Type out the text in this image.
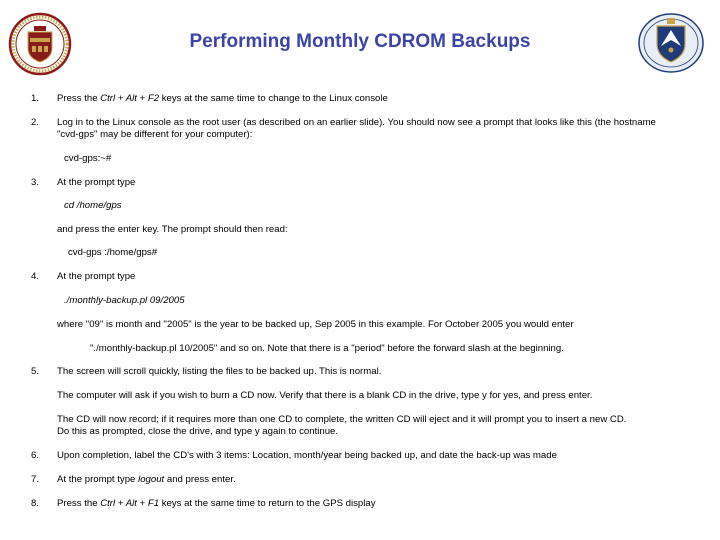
Performing Monthly CDROM Backups
1. Press the Ctrl + Alt + F2 keys at the same time to change to the Linux console
2. Log in to the Linux console as the root user (as described on an earlier slide). You should now see a prompt that looks like this (the hostname
"cvd-gps" may be different for your computer):
cvd-gps:~#
3. At the prompt type
cd /home/gps
and press the enter key. The prompt should then read:
cvd-gps :/home/gps#
4. At the prompt type
./monthly-backup.pl 09/2005
where "09" is month and "2005" is the year to be backed up, Sep 2005 in this example. For October 2005 you would enter
"./monthly-backup.pl 10/2005" and so on. Note that there is a "period" before the forward slash at the beginning.
5. The screen will scroll quickly, listing the files to be backed up. This is normal.
The computer will ask if you wish to burn a CD now. Verify that there is a blank CD in the drive, type y for yes, and press enter.
The CD will now record; if it requires more than one CD to complete, the written CD will eject and it will prompt you to insert a new CD.
Do this as prompted, close the drive, and type y again to continue.
6. Upon completion, label the CD's with 3 items: Location, month/year being backed up, and date the back-up was made
7. At the prompt type logout and press enter.
8. Press the Ctrl + Alt + F1 keys at the same time to return to the GPS display
